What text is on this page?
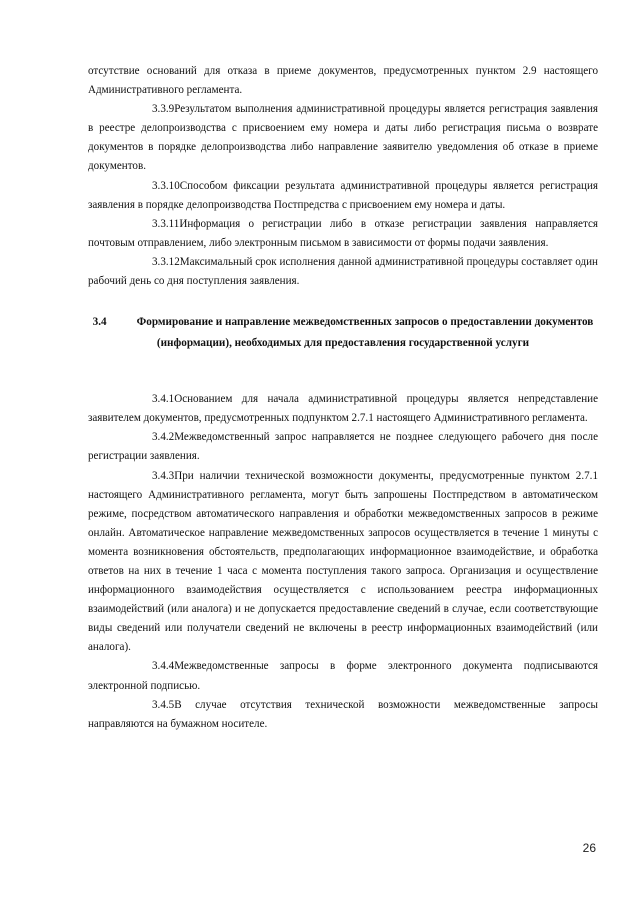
отсутствие оснований для отказа в приеме документов, предусмотренных пунктом 2.9 настоящего Административного регламента.

3.3.9Результатом выполнения административной процедуры является регистрация заявления в реестре делопроизводства с присвоением ему номера и даты либо регистрация письма о возврате документов в порядке делопроизводства либо направление заявителю уведомления об отказе в приеме документов.

3.3.10Способом фиксации результата административной процедуры является регистрация заявления в порядке делопроизводства Постпредства с присвоением ему номера и даты.

3.3.11Информация о регистрации либо в отказе регистрации заявления направляется почтовым отправлением, либо электронным письмом в зависимости от формы подачи заявления.

3.3.12Максимальный срок исполнения данной административной процедуры составляет один рабочий день со дня поступления заявления.

3.4	Формирование и направление межведомственных запросов о предоставлении документов (информации), необходимых для предоставления государственной услуги

3.4.1Основанием для начала административной процедуры является непредставление заявителем документов, предусмотренных подпунктом 2.7.1 настоящего Административного регламента.

3.4.2Межведомственный запрос направляется не позднее следующего рабочего дня после регистрации заявления.

3.4.3При наличии технической возможности документы, предусмотренные пунктом 2.7.1 настоящего Административного регламента, могут быть запрошены Постпредством в автоматическом режиме, посредством автоматического направления и обработки межведомственных запросов в режиме онлайн. Автоматическое направление межведомственных запросов осуществляется в течение 1 минуты с момента возникновения обстоятельств, предполагающих информационное взаимодействие, и обработка ответов на них в течение 1 часа с момента поступления такого запроса. Организация и осуществление информационного взаимодействия осуществляется с использованием реестра информационных взаимодействий (или аналога) и не допускается предоставление сведений в случае, если соответствующие виды сведений или получатели сведений не включены в реестр информационных взаимодействий (или аналога).

3.4.4Межведомственные запросы в форме электронного документа подписываются электронной подписью.

3.4.5В случае отсутствия технической возможности межведомственные запросы направляются на бумажном носителе.

26
